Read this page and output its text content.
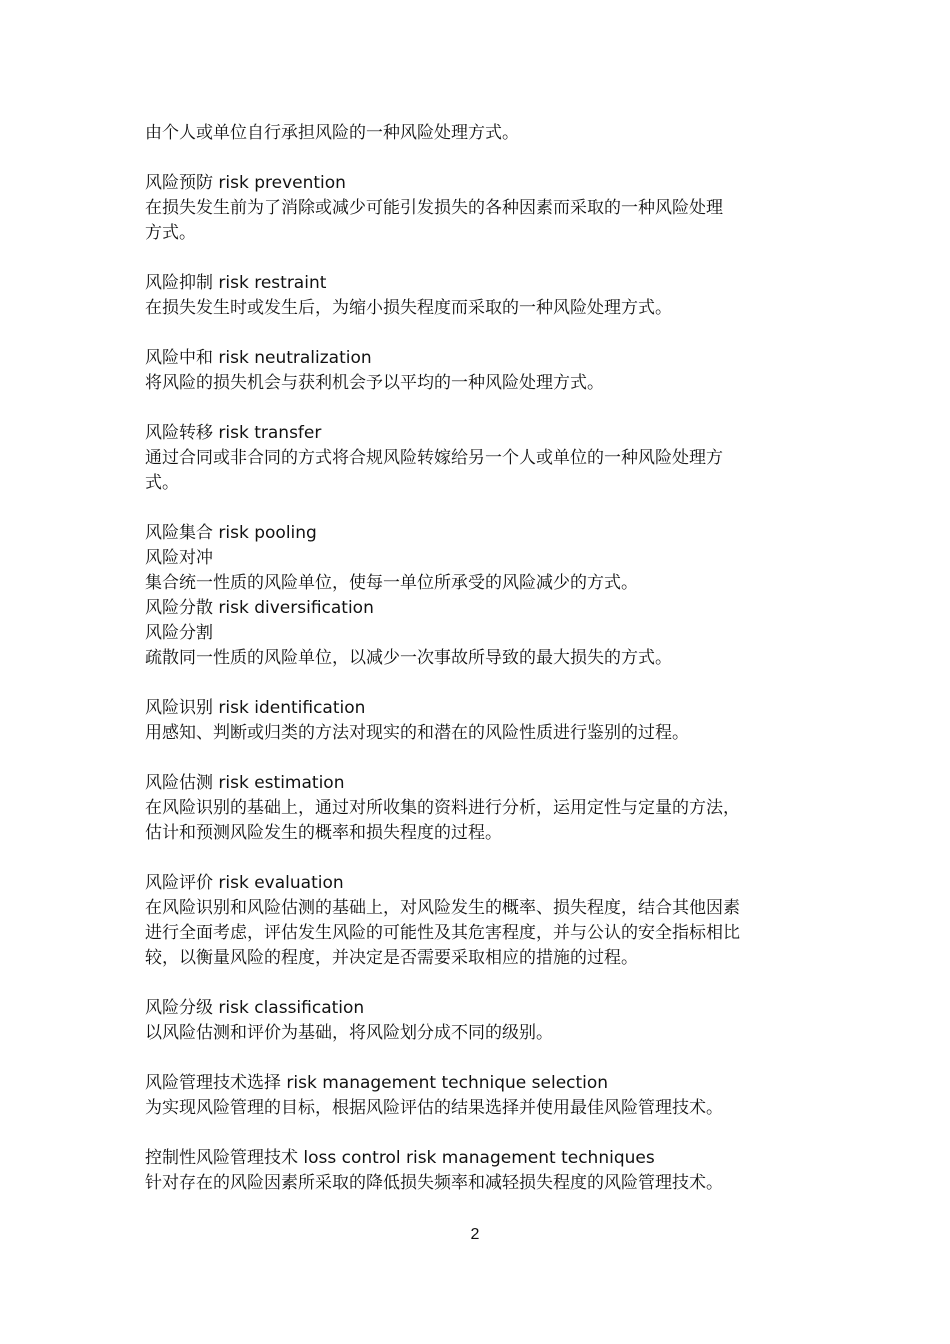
由个人或单位自行承担风险的一种风险处理方式。
风险预防 risk prevention
在损失发生前为了消除或减少可能引发损失的各种因素而采取的一种风险处理
方式。
风险抑制 risk restraint
在损失发生时或发生后，为缩小损失程度而采取的一种风险处理方式。
风险中和 risk neutralization
将风险的损失机会与获利机会予以平均的一种风险处理方式。
风险转移 risk transfer
通过合同或非合同的方式将合规风险转嫁给另一个人或单位的一种风险处理方
式。
风险集合 risk pooling
风险对冲
集合统一性质的风险单位，使每一单位所承受的风险减少的方式。
风险分散 risk diversification
风险分割
疏散同一性质的风险单位，以减少一次事故所导致的最大损失的方式。
风险识别 risk identification
用感知、判断或归类的方法对现实的和潜在的风险性质进行鉴别的过程。
风险估测 risk estimation
在风险识别的基础上，通过对所收集的资料进行分析，运用定性与定量的方法，
估计和预测风险发生的概率和损失程度的过程。
风险评价 risk evaluation
在风险识别和风险估测的基础上，对风险发生的概率、损失程度，结合其他因素
进行全面考虑，评估发生风险的可能性及其危害程度，并与公认的安全指标相比
较，以衡量风险的程度，并决定是否需要采取相应的措施的过程。
风险分级 risk classification
以风险估测和评价为基础，将风险划分成不同的级别。
风险管理技术选择 risk management technique selection
为实现风险管理的目标，根据风险评估的结果选择并使用最佳风险管理技术。
控制性风险管理技术 loss control risk management techniques
针对存在的风险因素所采取的降低损失频率和减轻损失程度的风险管理技术。
2
